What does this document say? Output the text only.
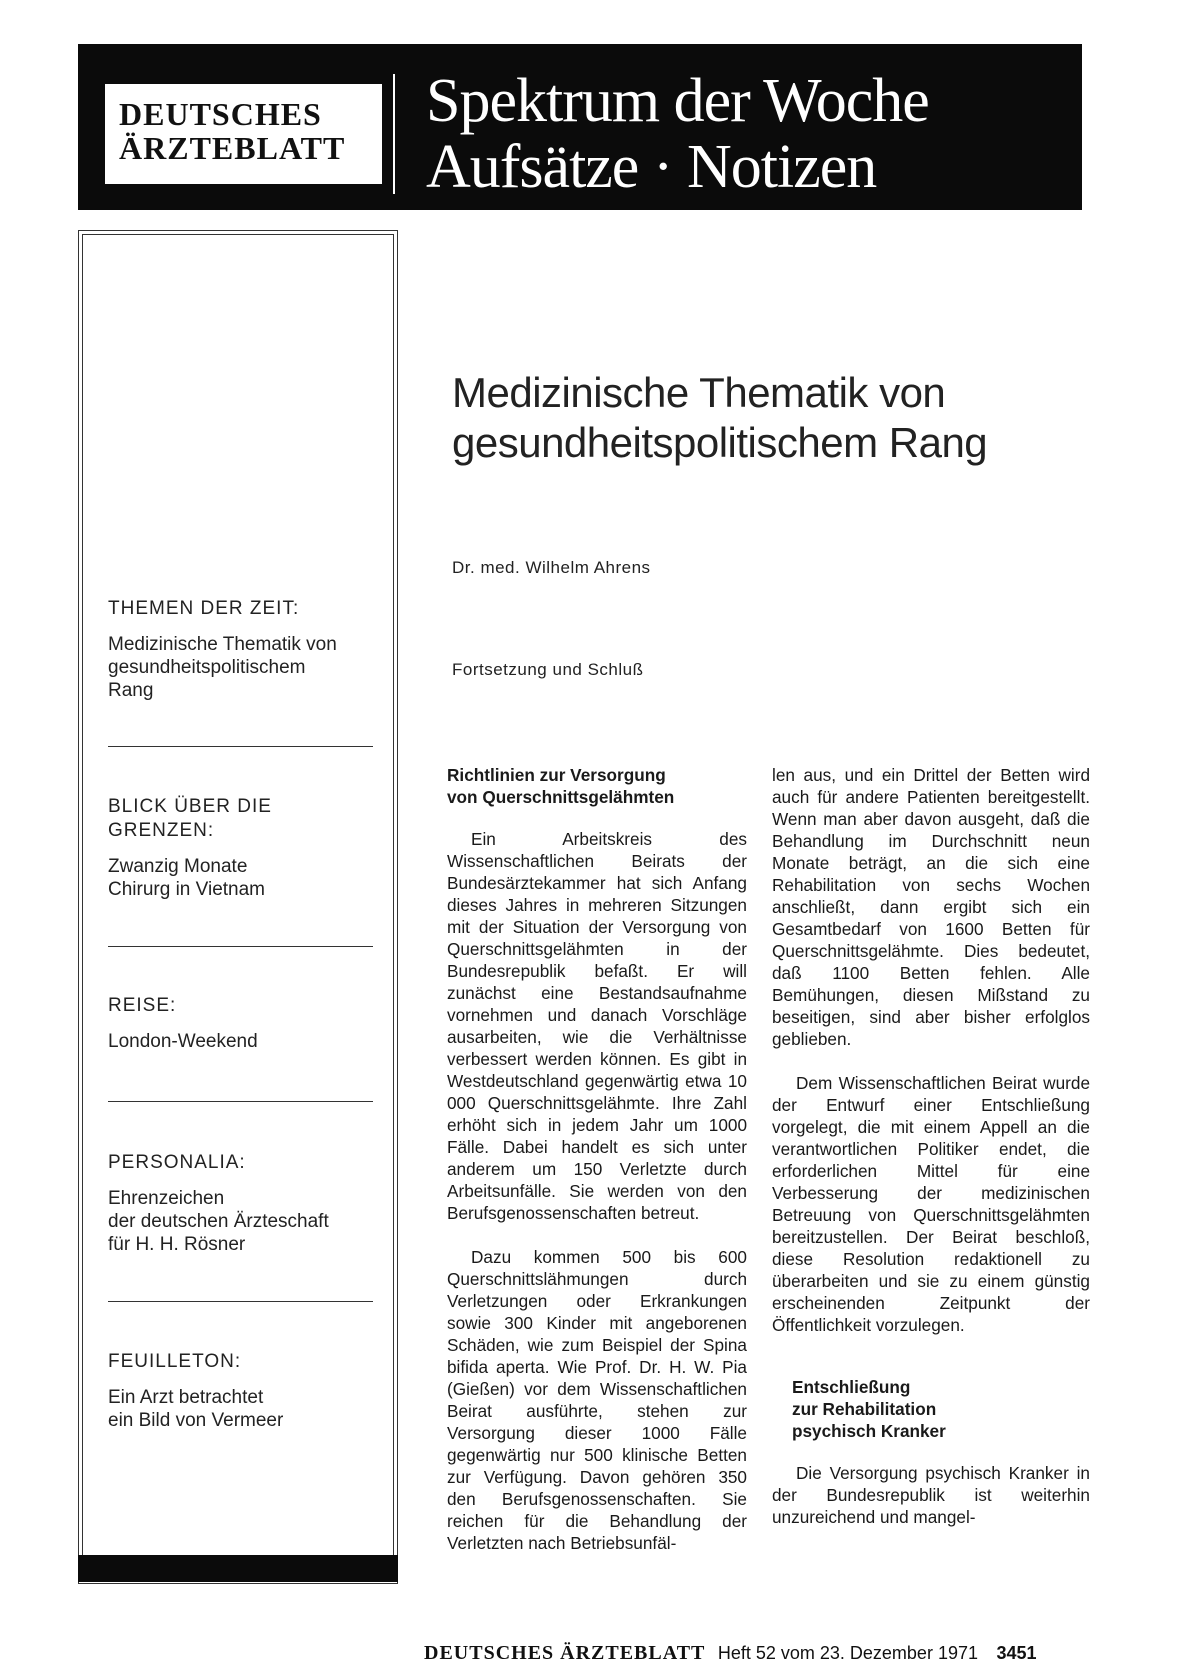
DEUTSCHES
ÄRZTEBLATT
Spektrum der Woche
Aufsätze · Notizen
THEMEN DER ZEIT:
Medizinische Thematik von
gesundheitspolitischem
Rang
BLICK ÜBER DIE
GRENZEN:
Zwanzig Monate
Chirurg in Vietnam
REISE:
London-Weekend
PERSONALIA:
Ehrenzeichen
der deutschen Ärzteschaft
für H. H. Rösner
FEUILLETON:
Ein Arzt betrachtet
ein Bild von Vermeer
Medizinische Thematik von
gesundheitspolitischem Rang
Dr. med. Wilhelm Ahrens
Fortsetzung und Schluß
Richtlinien zur Versorgung
von Querschnittsgelähmten

Ein Arbeitskreis des Wissenschaftlichen Beirats der Bundesärztekammer hat sich Anfang dieses Jahres in mehreren Sitzungen mit der Situation der Versorgung von Querschnittsgelähmten in der Bundesrepublik befaßt. Er will zunächst eine Bestandsaufnahme vornehmen und danach Vorschläge ausarbeiten, wie die Verhältnisse verbessert werden können. Es gibt in Westdeutschland gegenwärtig etwa 10 000 Querschnittsgelähmte. Ihre Zahl erhöht sich in jedem Jahr um 1000 Fälle. Dabei handelt es sich unter anderem um 150 Verletzte durch Arbeitsunfälle. Sie werden von den Berufsgenossenschaften betreut.

Dazu kommen 500 bis 600 Querschnittslähmungen durch Verletzungen oder Erkrankungen sowie 300 Kinder mit angeborenen Schäden, wie zum Beispiel der Spina bifida aperta. Wie Prof. Dr. H. W. Pia (Gießen) vor dem Wissenschaftlichen Beirat ausführte, stehen zur Versorgung dieser 1000 Fälle gegenwärtig nur 500 klinische Betten zur Verfügung. Davon gehören 350 den Berufsgenossenschaften. Sie reichen für die Behandlung der Verletzten nach Betriebsunfäl-

len aus, und ein Drittel der Betten wird auch für andere Patienten bereitgestellt. Wenn man aber davon ausgeht, daß die Behandlung im Durchschnitt neun Monate beträgt, an die sich eine Rehabilitation von sechs Wochen anschließt, dann ergibt sich ein Gesamtbedarf von 1600 Betten für Querschnittsgelähmte. Dies bedeutet, daß 1100 Betten fehlen. Alle Bemühungen, diesen Mißstand zu beseitigen, sind aber bisher erfolglos geblieben.

Dem Wissenschaftlichen Beirat wurde der Entwurf einer Entschließung vorgelegt, die mit einem Appell an die verantwortlichen Politiker endet, die erforderlichen Mittel für eine Verbesserung der medizinischen Betreuung von Querschnittsgelähmten bereitzustellen. Der Beirat beschloß, diese Resolution redaktionell zu überarbeiten und sie zu einem günstig erscheinenden Zeitpunkt der Öffentlichkeit vorzulegen.

Entschließung
zur Rehabilitation
psychisch Kranker

Die Versorgung psychisch Kranker in der Bundesrepublik ist weiterhin unzureichend und mangel-

DEUTSCHES ÄRZTEBLATT Heft 52 vom 23. Dezember 1971 3451
